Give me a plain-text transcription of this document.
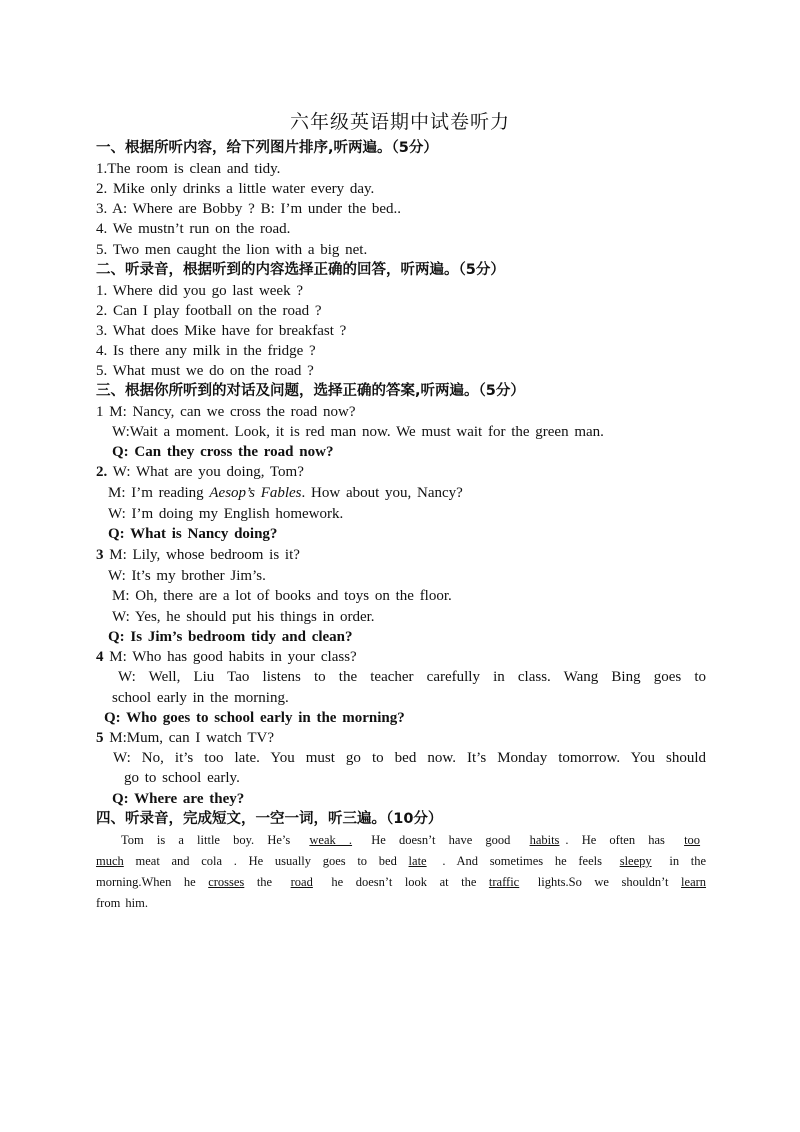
六年级英语期中试卷听力
一、根据所听内容，给下列图片排序,听两遍。（5分）
1.The room is clean and tidy.
2. Mike only drinks a little water every day.
3. A: Where are Bobby ? B: I’m under the bed..
4. We mustn’t run on the road.
5. Two men caught the lion with a big net.
二、听录音，根据听到的内容选择正确的回答，听两遍。（5分）
1. Where did you go last week ?
2. Can I play football on the road ?
3. What does Mike have for breakfast ?
4. Is there any milk in the fridge ?
5. What must we do on the road ?
三、根据你所听到的对话及问题，选择正确的答案,听两遍。（5分）
1 M: Nancy, can we cross the road now?
W:Wait a moment. Look, it is red man now. We must wait for the green man.
Q: Can they cross the road now?
2. W: What are you doing, Tom?
M: I’m reading Aesop’s Fables. How about you, Nancy?
W: I’m doing my English homework.
Q: What is Nancy doing?
3 M: Lily, whose bedroom is it?
W: It’s my brother Jim’s.
M: Oh, there are a lot of books and toys on the floor.
W: Yes, he should put his things in order.
Q: Is Jim’s bedroom tidy and clean?
4 M: Who has good habits in your class?
W: Well, Liu Tao listens to the teacher carefully in class. Wang Bing goes to
school early in the morning.
Q: Who goes to school early in the morning?
5 M:Mum, can I watch TV?
W: No, it’s too late. You must go to bed now. It’s Monday tomorrow. You should
go to school early.
Q: Where are they?
四、听录音，完成短文，一空一词，听三遍。（10分）
Tom is a little boy. He’s weak . He doesn’t have good habits . He often has too
much meat and cola . He usually goes to bed late . And sometimes he feels sleepy in the
morning.When he crosses the road he doesn’t look at the traffic lights.So we shouldn’t learn
from him.
